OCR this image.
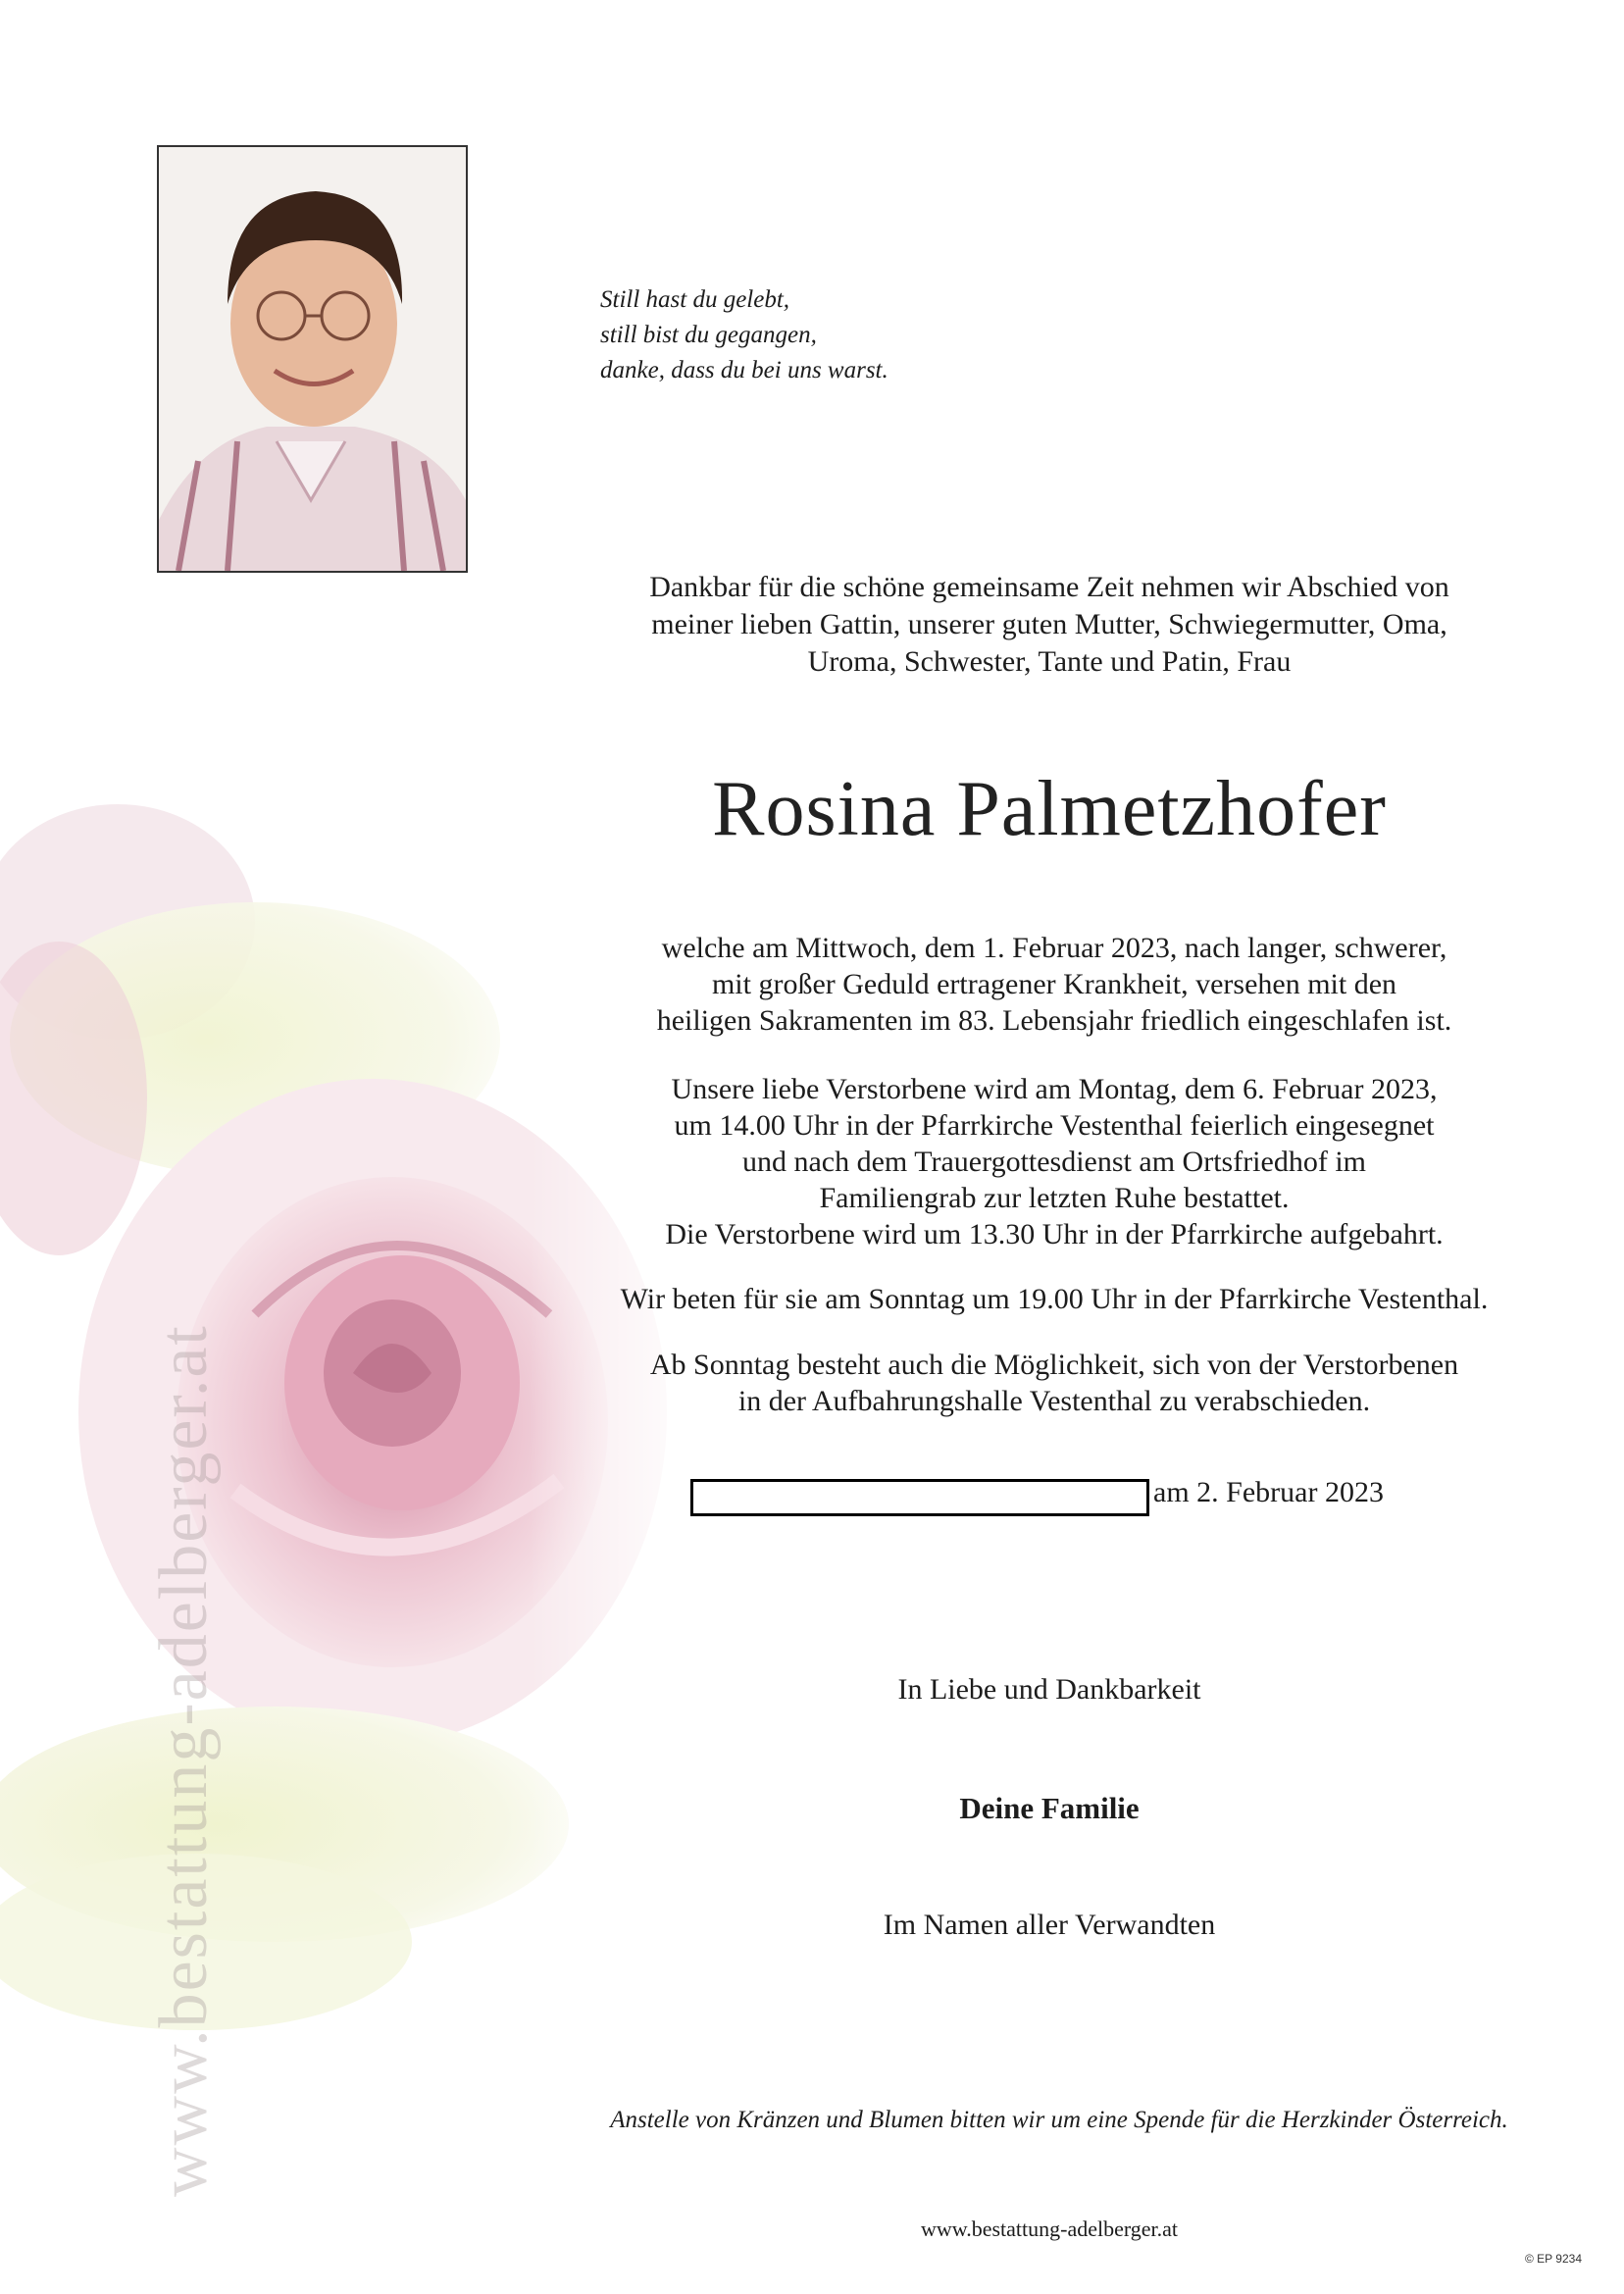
www.bestattung-adelberger.at
Still hast du gelebt,
still bist du gegangen,
danke, dass du bei uns warst.
Dankbar für die schöne gemeinsame Zeit nehmen wir Abschied von
meiner lieben Gattin, unserer guten Mutter, Schwiegermutter, Oma,
Uroma, Schwester, Tante und Patin, Frau
Rosina Palmetzhofer
welche am Mittwoch, dem 1. Februar 2023, nach langer, schwerer,
mit großer Geduld ertragener Krankheit, versehen mit den
heiligen Sakramenten im 83. Lebensjahr friedlich eingeschlafen ist.
Unsere liebe Verstorbene wird am Montag, dem 6. Februar 2023,
um 14.00 Uhr in der Pfarrkirche Vestenthal feierlich eingesegnet
und nach dem Trauergottesdienst am Ortsfriedhof im
Familiengrab zur letzten Ruhe bestattet.
Die Verstorbene wird um 13.30 Uhr in der Pfarrkirche aufgebahrt.
Wir beten für sie am Sonntag um 19.00 Uhr in der Pfarrkirche Vestenthal.
Ab Sonntag besteht auch die Möglichkeit, sich von der Verstorbenen
in der Aufbahrungshalle Vestenthal zu verabschieden.
am 2. Februar 2023
In Liebe und Dankbarkeit
Deine Familie
Im Namen aller Verwandten
Anstelle von Kränzen und Blumen bitten wir um eine Spende für die Herzkinder Österreich.
www.bestattung-adelberger.at
© EP 9234
